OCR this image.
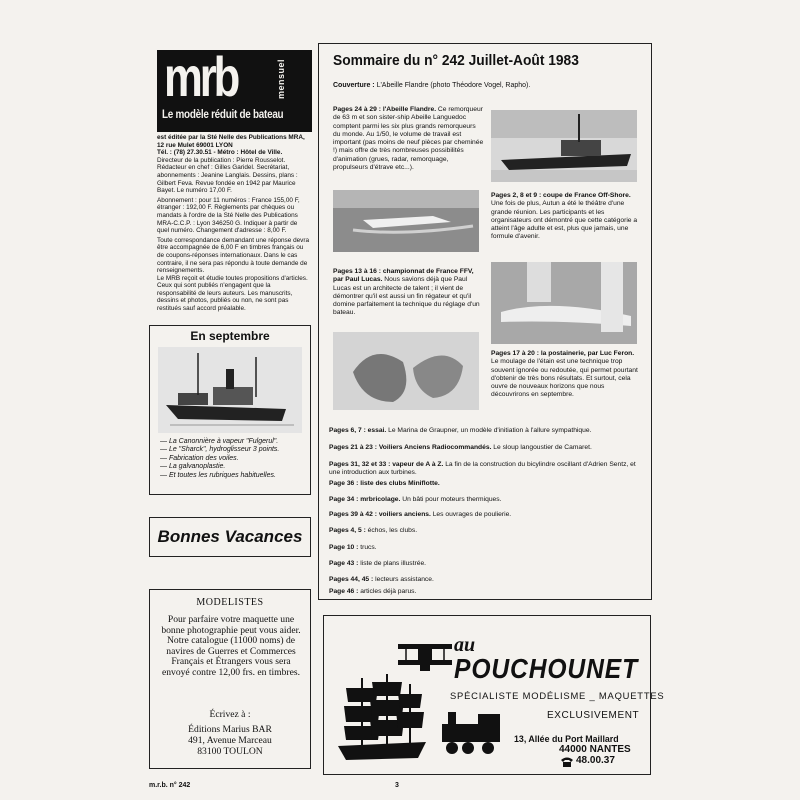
mrb	mensuel
Le modèle réduit de bateau

est éditée par la Sté Nelle des Publications MRA, 12 rue Mulet 69001 LYON

Tél. : (78) 27.30.51 - Métro : Hôtel de Ville.

Directeur de la publication : Pierre Rousselot. Rédacteur en chef : Gilles Garidel. Secrétariat, abonnements : Jeanine Langlais. Dessins, plans : Gilbert Feva. Revue fondée en 1942 par Maurice Bayet. Le numéro 17,00 F.

Abonnement : pour 11 numéros : France 155,00 F, étranger : 192,00 F. Règlements par chèques ou mandats à l'ordre de la Sté Nelle des Publications MRA-C.C.P. : Lyon 346250 G. Indiquer à partir de quel numéro. Changement d'adresse : 8,00 F.

Toute correspondance demandant une réponse devra être accompagnée de 6,00 F en timbres français ou de coupons-réponses internationaux. Dans le cas contraire, il ne sera pas répondu à toute demande de renseignements.

Le MRB reçoit et étudie toutes propositions d'articles. Ceux qui sont publiés n'engagent que la responsabilité de leurs auteurs. Les manuscrits, dessins et photos, publiés ou non, ne sont pas restitués sauf accord préalable.

En septembre

— La Canonnière à vapeur "Fulgerul".

— Le "Sharck", hydroglisseur 3 points.

— Fabrication des voiles.

— La galvanoplastie.

— Et toutes les rubriques habituelles.

Bonnes Vacances
MODELISTES
Pour parfaire votre maquette une bonne photographie peut vous aider. Notre catalogue (11000 noms) de navires de Guerres et Commerces Français et Étrangers vous sera envoyé contre 12,00 frs. en timbres.
Écrivez à :

Éditions Marius BAR

491, Avenue Marceau

83100 TOULON

Sommaire du n° 242 Juillet-Août 1983
Couverture : L'Abeille Flandre (photo Théodore Vogel, Rapho).
Pages 24 à 29 : l'Abeille Flandre. Ce remorqueur de 63 m et son sister-ship Abeille Languedoc comptent parmi les six plus grands remorqueurs du monde. Au 1/50, le volume de travail est important (pas moins de neuf pièces par cheminée !) mais offre de très nombreuses possibilités d'animation (grues, radar, remorquage, propulseurs d'étrave etc...).
Pages 2, 8 et 9 : coupe de France Off-Shore. Une fois de plus, Autun a été le théâtre d'une grande réunion. Les participants et les organisateurs ont démontré que cette catégorie a atteint l'âge adulte et est, plus que jamais, une formule d'avenir.
Pages 13 à 16 : championnat de France FFV, par Paul Lucas. Nous savions déjà que Paul Lucas est un architecte de talent ; il vient de démontrer qu'il est aussi un fin régateur et qu'il domine parfaitement la technique du réglage d'un bateau.
Pages 17 à 20 : la postainerie, par Luc Feron. Le moulage de l'étain est une technique trop souvent ignorée ou redoutée, qui permet pourtant d'obtenir de très bons résultats. Et surtout, cela ouvre de nouveaux horizons que nous découvrirons en septembre.
Pages 6, 7 : essai. Le Marina de Graupner, un modèle d'initiation à l'allure sympathique.
Pages 21 à 23 : Voiliers Anciens Radiocommandés. Le sloup langoustier de Camaret.
Pages 31, 32 et 33 : vapeur de A à Z. La fin de la construction du bicylindre oscillant d'Adrien Sentz, et une introduction aux turbines.
Page 36 : liste des clubs Miniflotte.
Page 34 : mrbricolage. Un bâti pour moteurs thermiques.
Pages 39 à 42 : voiliers anciens. Les ouvrages de poulierie.
Pages 4, 5 : échos, les clubs.
Page 10 : trucs.
Page 43 : liste de plans illustrée.
Pages 44, 45 : lecteurs assistance.
Page 46 : articles déjà parus.
au
POUCHOUNET
SPÉCIALISTE MODÉLISME _ MAQUETTES
EXCLUSIVEMENT
13, Allée du Port Maillard
44000 NANTES
48.00.37
m.r.b. n° 242	3
